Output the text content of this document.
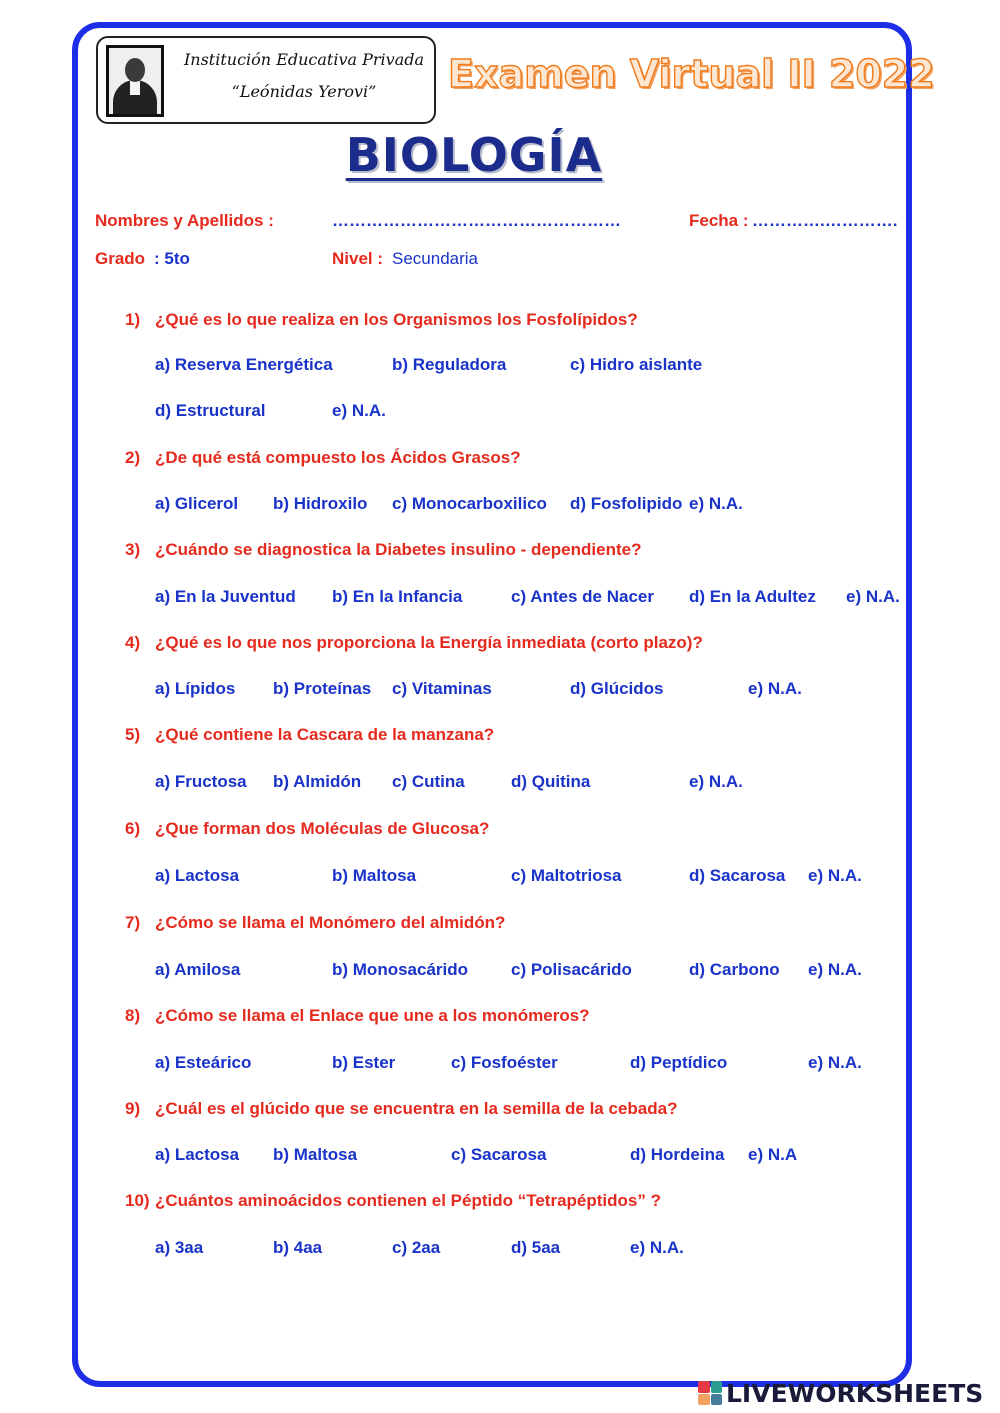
Institución Educativa Privada
“Leónidas Yerovi”	Examen Virtual II 2022
BIOLOGÍA
Nombres y Apellidos :	……………………………………………	Fecha : ………….………….
Grado : 5to	Nivel : Secundaria
1) ¿Qué es lo que realiza en los Organismos los Fosfolípidos?
a) Reserva Energética	b) Reguladora	c) Hidro aislante
d) Estructural	e) N.A.
2) ¿De qué está compuesto los Ácidos Grasos?
a) Glicerol b) Hidroxilo c) Monocarboxilico d) Fosfolipido e) N.A.
3) ¿Cuándo se diagnostica la Diabetes insulino - dependiente?
a) En la Juventud b) En la Infancia	c) Antes de Nacer d) En la Adultez e) N.A.
4) ¿Qué es lo que nos proporciona la Energía inmediata (corto plazo)?
a) Lípidos b) Proteínas c) Vitaminas	d) Glúcidos	e) N.A.
5) ¿Qué contiene la Cascara de la manzana?
a) Fructosa b) Almidón c) Cutina	d) Quitina	e) N.A.
6) ¿Que forman dos Moléculas de Glucosa?
a) Lactosa	b) Maltosa	c) Maltotriosa	d) Sacarosa e) N.A.
7) ¿Cómo se llama el Monómero del almidón?
a) Amilosa	b) Monosacárido	c) Polisacárido	d) Carbono e) N.A.
8) ¿Cómo se llama el Enlace que une a los monómeros?
a) Esteárico	b) Ester	c) Fosfoéster	d) Peptídico	e) N.A.
9) ¿Cuál es el glúcido que se encuentra en la semilla de la cebada?
a) Lactosa b) Maltosa	c) Sacarosa	d) Hordeina e) N.A
10) ¿Cuántos aminoácidos contienen el Péptido “Tetrapéptidos” ?
a) 3aa	b) 4aa	c) 2aa	d) 5aa	e) N.A.
LIVEWORKSHEETS
